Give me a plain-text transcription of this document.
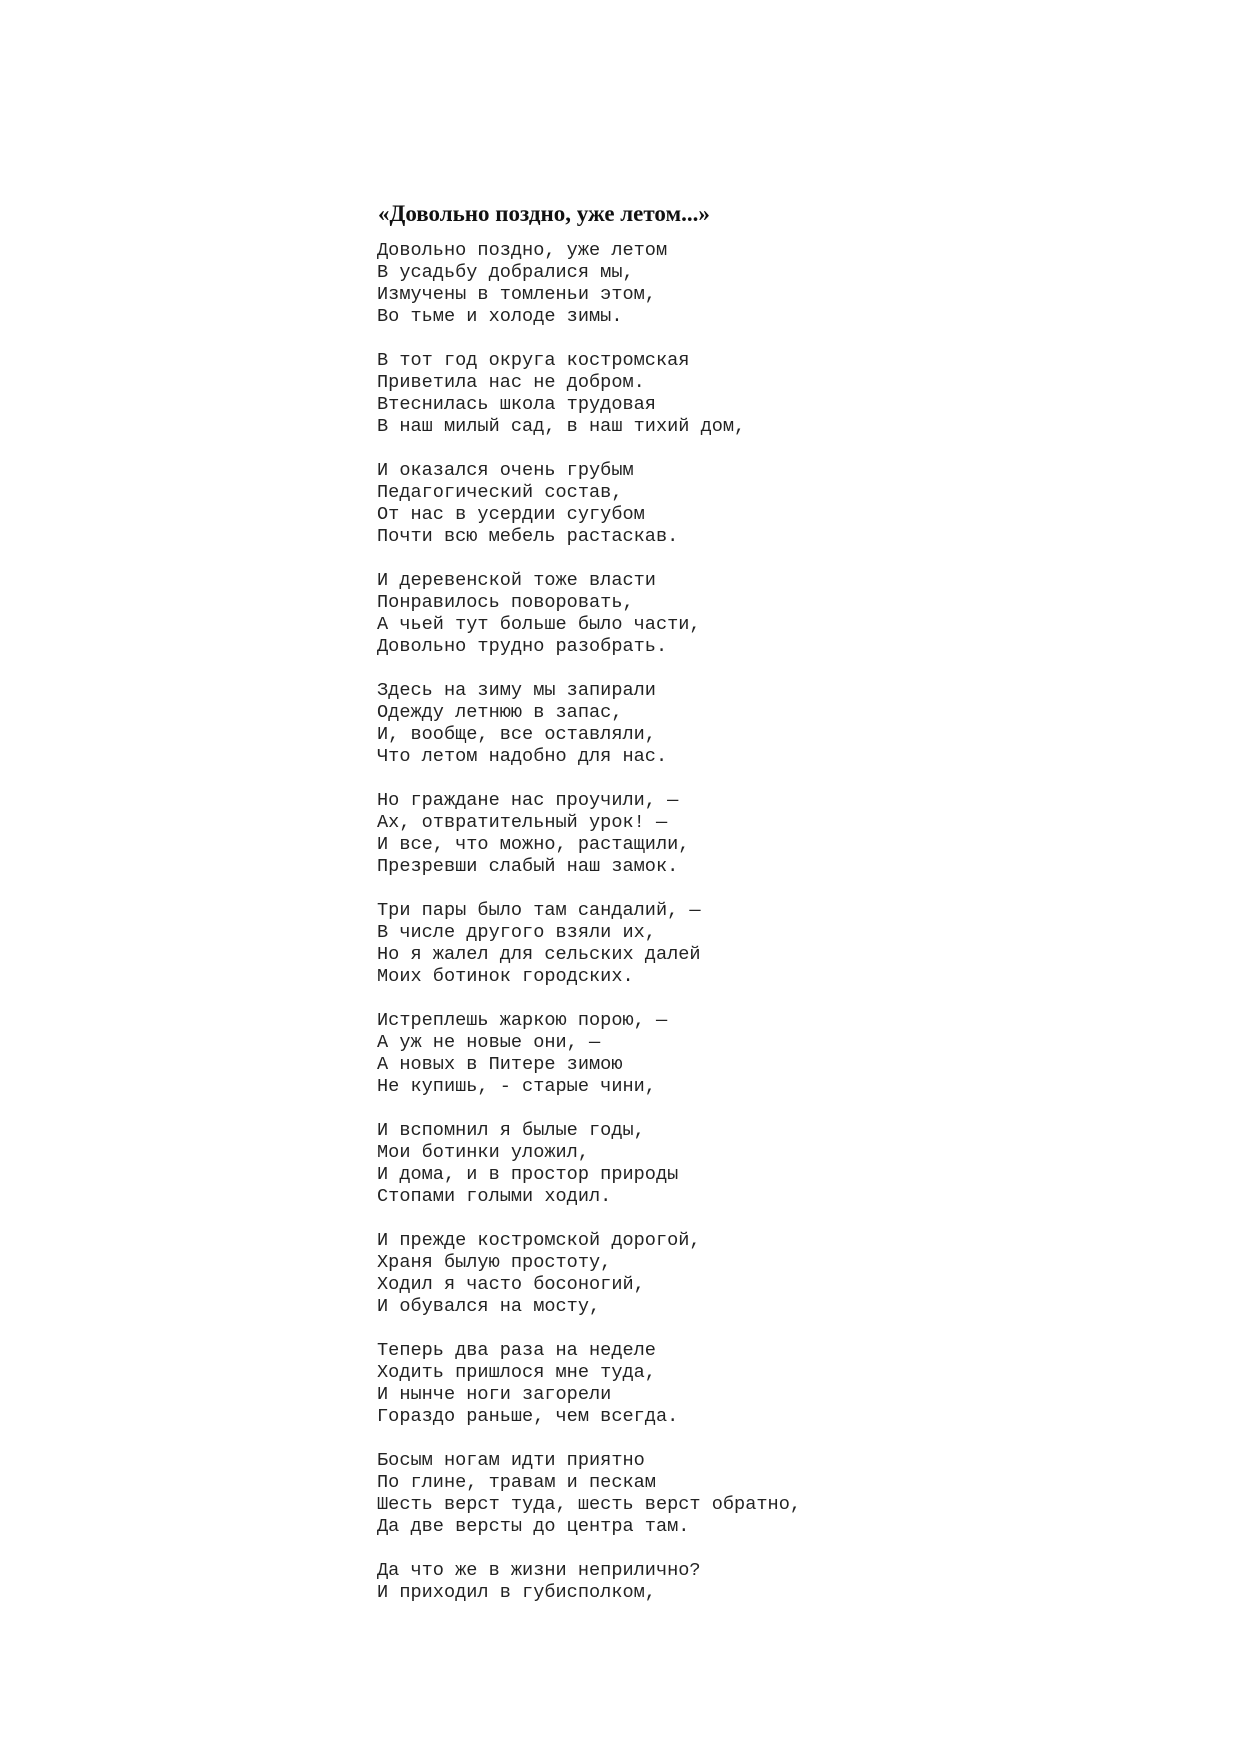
«Довольно поздно, уже летом...»
Довольно поздно, уже летом
В усадьбу добралися мы,
Измучены в томленьи этом,
Во тьме и холоде зимы.
В тот год округа костромская
Приветила нас не добром.
Втеснилась школа трудовая
В наш милый сад, в наш тихий дом,
И оказался очень грубым
Педагогический состав,
От нас в усердии сугубом
Почти всю мебель растаскав.
И деревенской тоже власти
Понравилось поворовать,
А чьей тут больше было части,
Довольно трудно разобрать.
Здесь на зиму мы запирали
Одежду летнюю в запас,
И, вообще, все оставляли,
Что летом надобно для нас.
Но граждане нас проучили, —
Ах, отвратительный урок! —
И все, что можно, растащили,
Презревши слабый наш замок.
Три пары было там сандалий, —
В числе другого взяли их,
Но я жалел для сельских далей
Моих ботинок городских.
Истреплешь жаркою порою, —
А уж не новые они, —
А новых в Питере зимою
Не купишь, - старые чини,
И вспомнил я былые годы,
Мои ботинки уложил,
И дома, и в простор природы
Стопами голыми ходил.
И прежде костромской дорогой,
Храня былую простоту,
Ходил я часто босоногий,
И обувался на мосту,
Теперь два раза на неделе
Ходить пришлося мне туда,
И нынче ноги загорели
Гораздо раньше, чем всегда.
Босым ногам идти приятно
По глине, травам и пескам
Шесть верст туда, шесть верст обратно,
Да две версты до центра там.
Да что же в жизни неприлично?
И приходил в губисполком,
